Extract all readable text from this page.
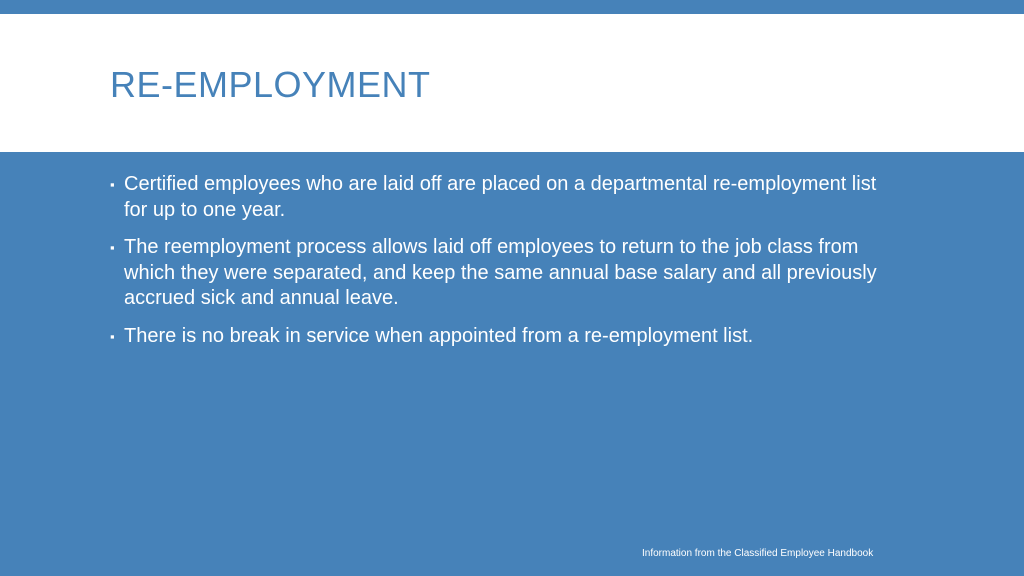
RE-EMPLOYMENT
▪ Certified employees who are laid off are placed on a departmental re-employment list for up to one year.
▪ The reemployment process allows laid off employees to return to the job class from which they were separated, and keep the same annual base salary and all previously accrued sick and annual leave.
▪ There is no break in service when appointed from a re-employment list.
Information from the Classified Employee Handbook
